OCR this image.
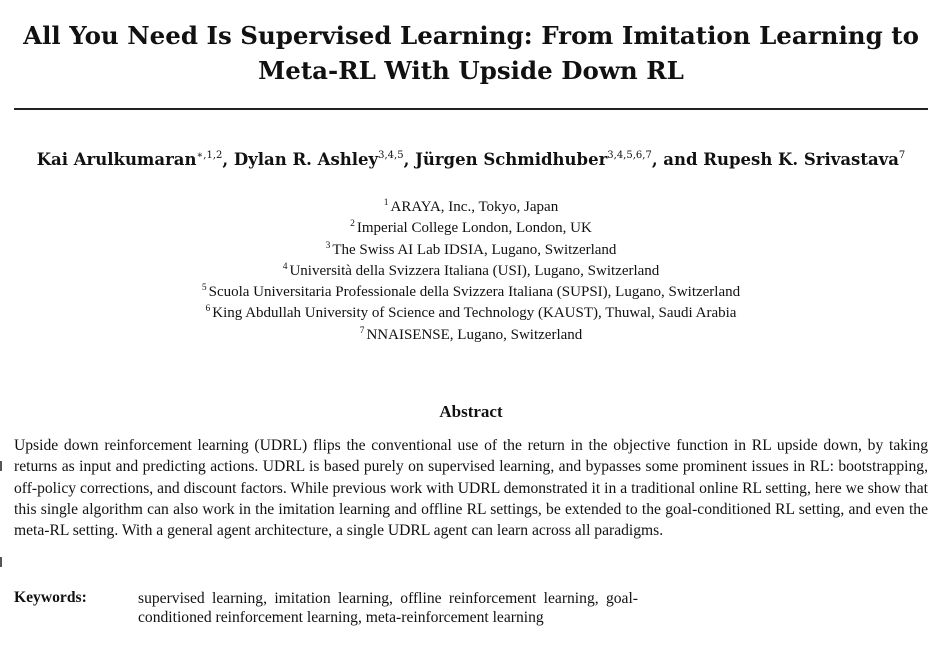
All You Need Is Supervised Learning: From Imitation Learning to
Meta-RL With Upside Down RL
Kai Arulkumaran$^{∗,1,2}$, Dylan R. Ashley$^{3,4,5}$, Jürgen Schmidhuber$^{3,4,5,6,7}$, and Rupesh K. Srivastava$^7$
$^1$ ARAYA, Inc., Tokyo, Japan
$^2$ Imperial College London, London, UK
$^3$ The Swiss AI Lab IDSIA, Lugano, Switzerland
$^4$ Università della Svizzera Italiana (USI), Lugano, Switzerland
$^5$ Scuola Universitaria Professionale della Svizzera Italiana (SUPSI), Lugano, Switzerland
$^6$ King Abdullah University of Science and Technology (KAUST), Thuwal, Saudi Arabia
$^7$ NNAISENSE, Lugano, Switzerland
Abstract
Upside down reinforcement learning (UDRL) flips the conventional use of the return in the objective function in RL upside down, by taking returns as input and predicting actions. UDRL is based purely on supervised learning, and bypasses some prominent issues in RL: bootstrapping, off-policy corrections, and discount factors. While previous work with UDRL demonstrated it in a traditional online RL setting, here we show that this single algorithm can also work in the imitation learning and offline RL settings, be extended to the goal-conditioned RL setting, and even the meta-RL setting. With a general agent architecture, a single UDRL agent can learn across all paradigms.
Keywords:	supervised learning, imitation learning, offline reinforcement learning, goal-conditioned reinforcement learning, meta-reinforcement learning
